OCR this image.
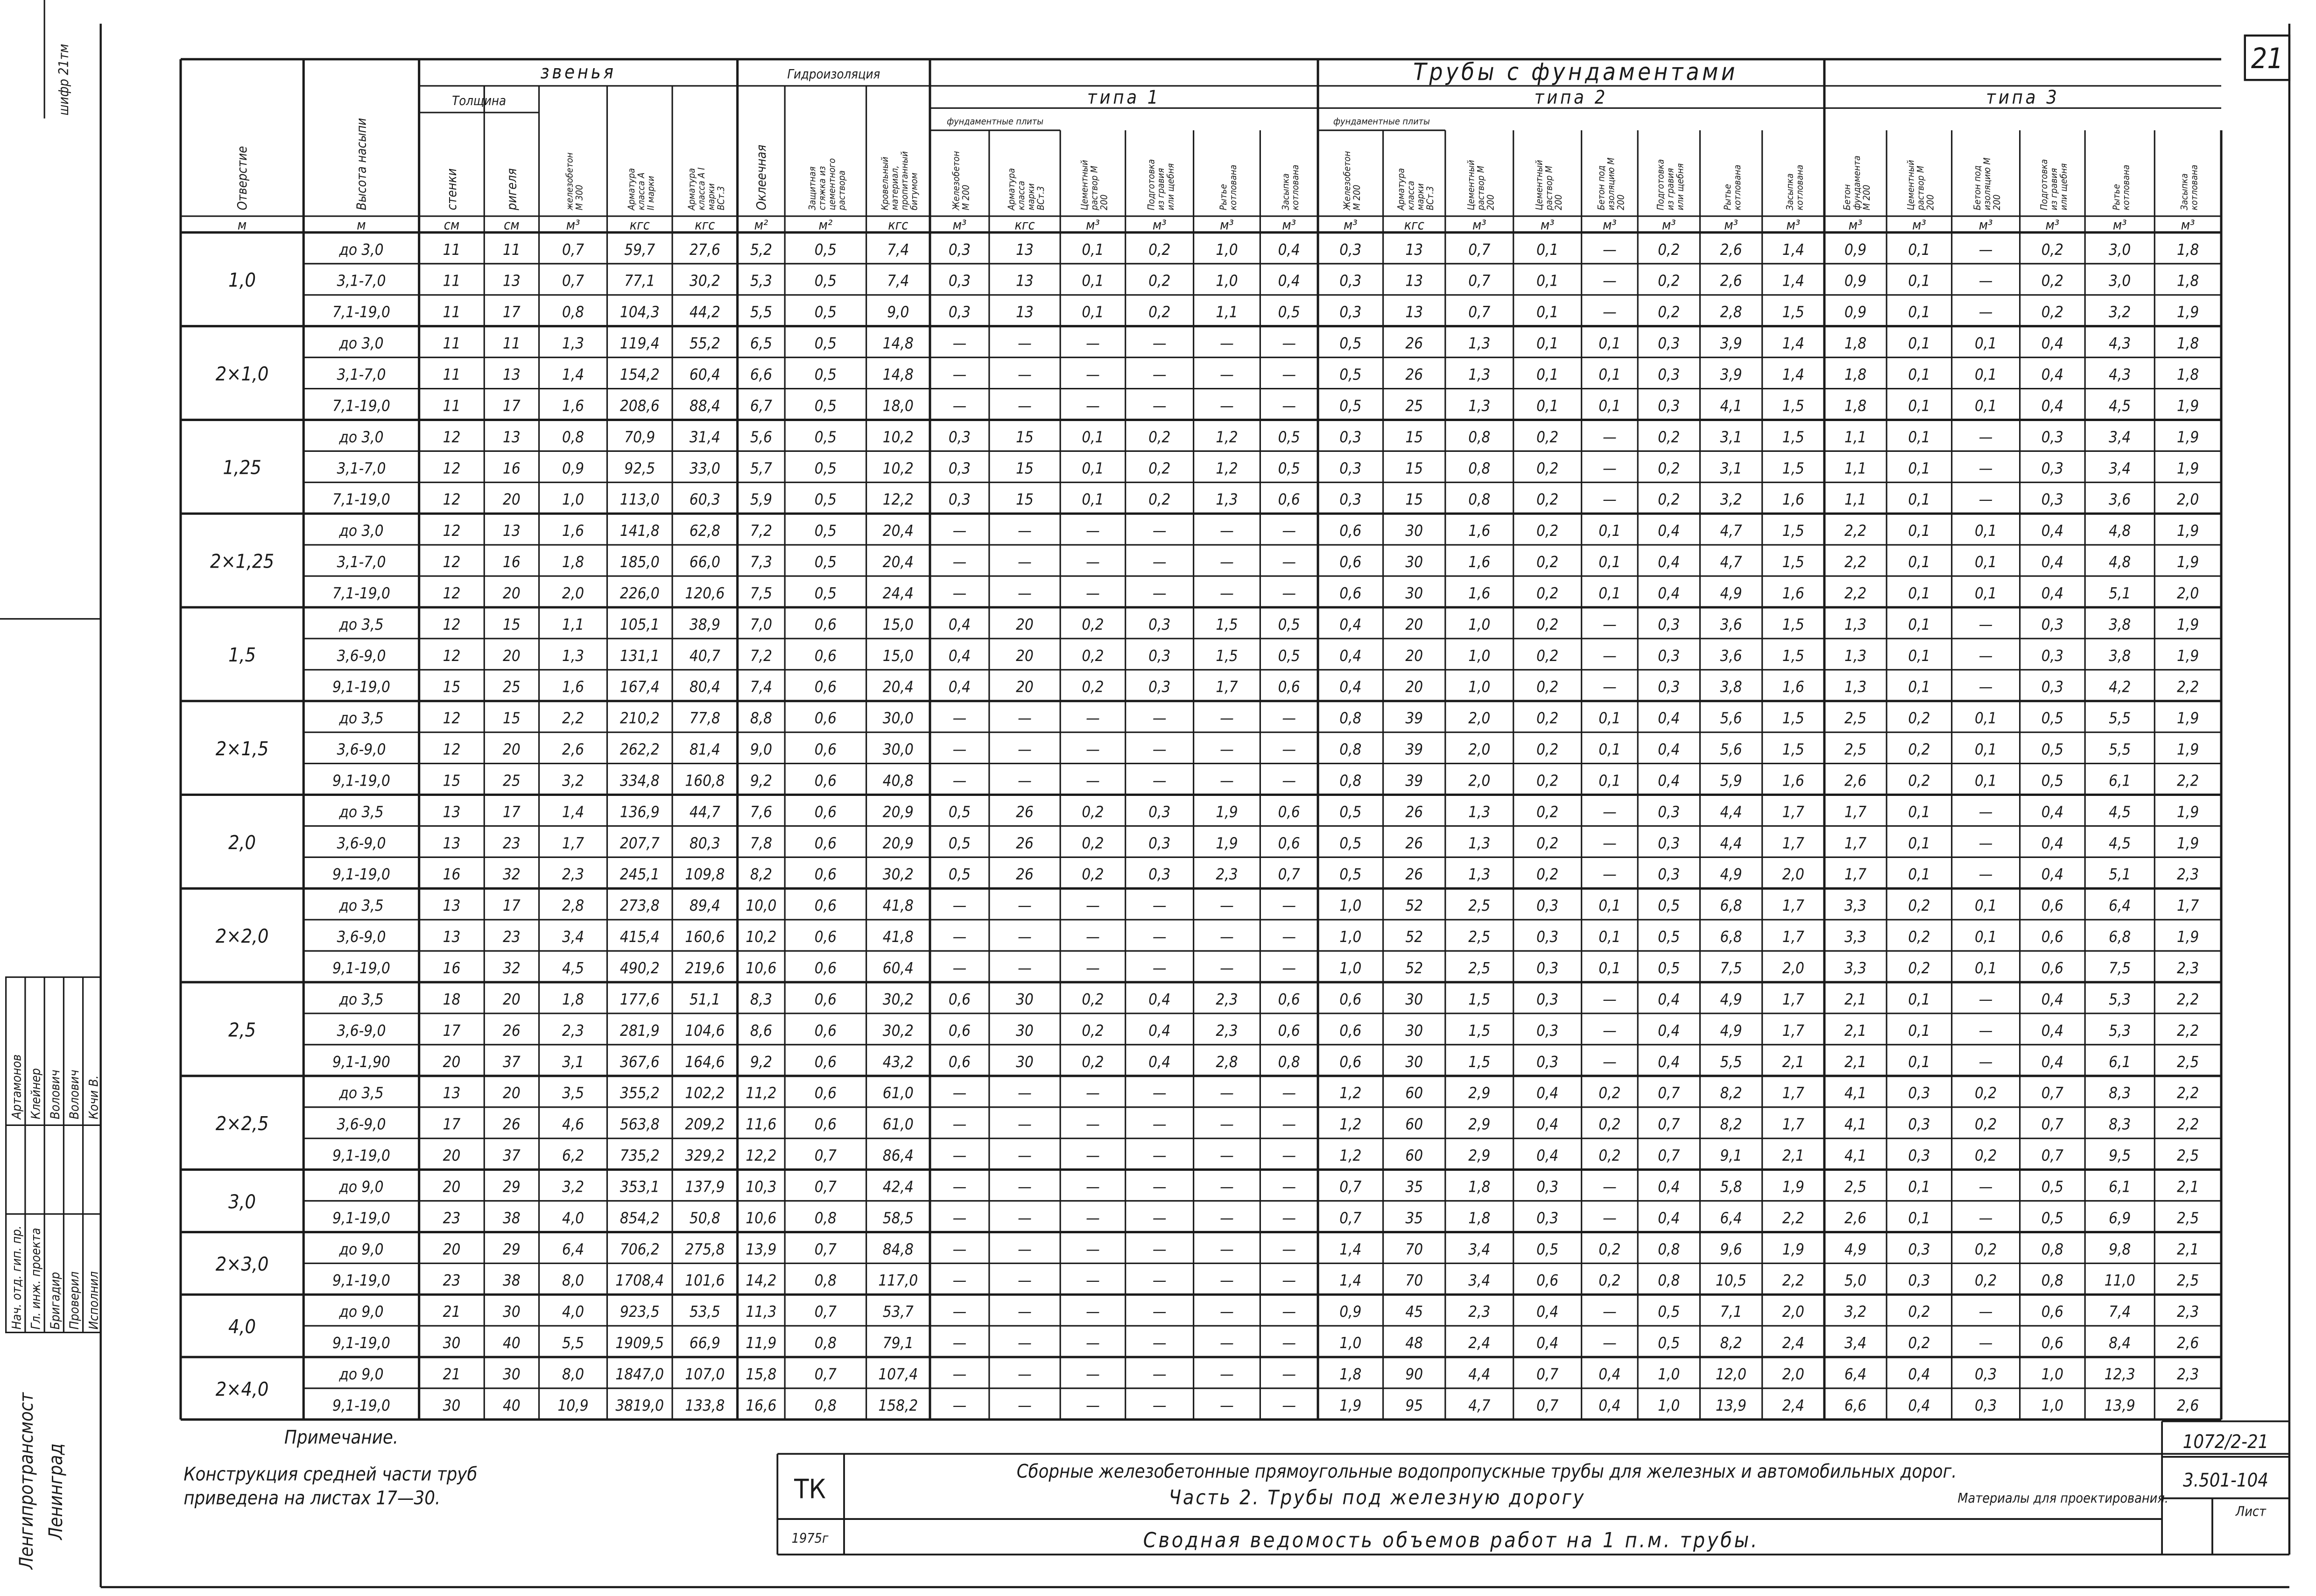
21
шифр 21тм	звенья
Толщина
Гидроизоляция	Трубы с фундаментами
типа 1	типа 2	типа 3
фундаментные плиты	фундаментные плиты
Отверстие	Высота насыпи	стенки	ригеля	железобетонМ 300	Арматуракласса АII марки	Арматуракласса А IмаркиВСт.3	Оклеечная	Защитнаястяжка изцементногораствора	Кровельныйматериал,пропитанныйбитумом	ЖелезобетонМ 200	АрматураклассамаркиВСт.3	Цементныйраствор М200	Подготовкаиз гравияили щебня	Рытьекотлована	Засыпкакотлована	ЖелезобетонМ 200	АрматураклассамаркиВСт.3	Цементныйраствор М200	Цементныйраствор М200	Бетон подизоляцию М200	Подготовкаиз гравияили щебня	Рытьекотлована	Засыпкакотлована	БетонфундаментаМ 200	Цементныйраствор М200	Бетон подизоляцию М200	Подготовкаиз гравияили щебня	Рытьекотлована	Засыпкакотлована
м	м	см	см	м³	кгс	кгс	м²	м²	кгс	м³	кгс	м³	м³	м³	м³	м³	кгс	м³	м³	м³	м³	м³	м³	м³	м³	м³	м³	м³	м³
1,0
до 3,0	11	11	0,7	59,7	27,6	5,2	0,5	7,4	0,3	13	0,1	0,2	1,0	0,4	0,3	13	0,7	0,1	—	0,2	2,6	1,4	0,9	0,1	—	0,2	3,0	1,8
3,1-7,0	11	13	0,7	77,1	30,2	5,3	0,5	7,4	0,3	13	0,1	0,2	1,0	0,4	0,3	13	0,7	0,1	—	0,2	2,6	1,4	0,9	0,1	—	0,2	3,0	1,8
7,1-19,0	11	17	0,8	104,3	44,2	5,5	0,5	9,0	0,3	13	0,1	0,2	1,1	0,5	0,3	13	0,7	0,1	—	0,2	2,8	1,5	0,9	0,1	—	0,2	3,2	1,9
2×1,0
до 3,0	11	11	1,3	119,4	55,2	6,5	0,5	14,8	—	—	—	—	—	—	0,5	26	1,3	0,1	0,1	0,3	3,9	1,4	1,8	0,1	0,1	0,4	4,3	1,8
3,1-7,0	11	13	1,4	154,2	60,4	6,6	0,5	14,8	—	—	—	—	—	—	0,5	26	1,3	0,1	0,1	0,3	3,9	1,4	1,8	0,1	0,1	0,4	4,3	1,8
7,1-19,0	11	17	1,6	208,6	88,4	6,7	0,5	18,0	—	—	—	—	—	—	0,5	25	1,3	0,1	0,1	0,3	4,1	1,5	1,8	0,1	0,1	0,4	4,5	1,9
1,25
до 3,0	12	13	0,8	70,9	31,4	5,6	0,5	10,2	0,3	15	0,1	0,2	1,2	0,5	0,3	15	0,8	0,2	—	0,2	3,1	1,5	1,1	0,1	—	0,3	3,4	1,9
3,1-7,0	12	16	0,9	92,5	33,0	5,7	0,5	10,2	0,3	15	0,1	0,2	1,2	0,5	0,3	15	0,8	0,2	—	0,2	3,1	1,5	1,1	0,1	—	0,3	3,4	1,9
7,1-19,0	12	20	1,0	113,0	60,3	5,9	0,5	12,2	0,3	15	0,1	0,2	1,3	0,6	0,3	15	0,8	0,2	—	0,2	3,2	1,6	1,1	0,1	—	0,3	3,6	2,0
2×1,25
до 3,0	12	13	1,6	141,8	62,8	7,2	0,5	20,4	—	—	—	—	—	—	0,6	30	1,6	0,2	0,1	0,4	4,7	1,5	2,2	0,1	0,1	0,4	4,8	1,9
3,1-7,0	12	16	1,8	185,0	66,0	7,3	0,5	20,4	—	—	—	—	—	—	0,6	30	1,6	0,2	0,1	0,4	4,7	1,5	2,2	0,1	0,1	0,4	4,8	1,9
7,1-19,0	12	20	2,0	226,0	120,6	7,5	0,5	24,4	—	—	—	—	—	—	0,6	30	1,6	0,2	0,1	0,4	4,9	1,6	2,2	0,1	0,1	0,4	5,1	2,0
1,5
до 3,5	12	15	1,1	105,1	38,9	7,0	0,6	15,0	0,4	20	0,2	0,3	1,5	0,5	0,4	20	1,0	0,2	—	0,3	3,6	1,5	1,3	0,1	—	0,3	3,8	1,9
3,6-9,0	12	20	1,3	131,1	40,7	7,2	0,6	15,0	0,4	20	0,2	0,3	1,5	0,5	0,4	20	1,0	0,2	—	0,3	3,6	1,5	1,3	0,1	—	0,3	3,8	1,9
9,1-19,0	15	25	1,6	167,4	80,4	7,4	0,6	20,4	0,4	20	0,2	0,3	1,7	0,6	0,4	20	1,0	0,2	—	0,3	3,8	1,6	1,3	0,1	—	0,3	4,2	2,2
2×1,5
до 3,5	12	15	2,2	210,2	77,8	8,8	0,6	30,0	—	—	—	—	—	—	0,8	39	2,0	0,2	0,1	0,4	5,6	1,5	2,5	0,2	0,1	0,5	5,5	1,9
3,6-9,0	12	20	2,6	262,2	81,4	9,0	0,6	30,0	—	—	—	—	—	—	0,8	39	2,0	0,2	0,1	0,4	5,6	1,5	2,5	0,2	0,1	0,5	5,5	1,9
9,1-19,0	15	25	3,2	334,8	160,8	9,2	0,6	40,8	—	—	—	—	—	—	0,8	39	2,0	0,2	0,1	0,4	5,9	1,6	2,6	0,2	0,1	0,5	6,1	2,2
2,0
до 3,5	13	17	1,4	136,9	44,7	7,6	0,6	20,9	0,5	26	0,2	0,3	1,9	0,6	0,5	26	1,3	0,2	—	0,3	4,4	1,7	1,7	0,1	—	0,4	4,5	1,9
3,6-9,0	13	23	1,7	207,7	80,3	7,8	0,6	20,9	0,5	26	0,2	0,3	1,9	0,6	0,5	26	1,3	0,2	—	0,3	4,4	1,7	1,7	0,1	—	0,4	4,5	1,9
9,1-19,0	16	32	2,3	245,1	109,8	8,2	0,6	30,2	0,5	26	0,2	0,3	2,3	0,7	0,5	26	1,3	0,2	—	0,3	4,9	2,0	1,7	0,1	—	0,4	5,1	2,3
2×2,0
до 3,5	13	17	2,8	273,8	89,4	10,0	0,6	41,8	—	—	—	—	—	—	1,0	52	2,5	0,3	0,1	0,5	6,8	1,7	3,3	0,2	0,1	0,6	6,4	1,7
3,6-9,0	13	23	3,4	415,4	160,6	10,2	0,6	41,8	—	—	—	—	—	—	1,0	52	2,5	0,3	0,1	0,5	6,8	1,7	3,3	0,2	0,1	0,6	6,8	1,9
9,1-19,0	16	32	4,5	490,2	219,6	10,6	0,6	60,4	—	—	—	—	—	—	1,0	52	2,5	0,3	0,1	0,5	7,5	2,0	3,3	0,2	0,1	0,6	7,5	2,3
2,5
до 3,5	18	20	1,8	177,6	51,1	8,3	0,6	30,2	0,6	30	0,2	0,4	2,3	0,6	0,6	30	1,5	0,3	—	0,4	4,9	1,7	2,1	0,1	—	0,4	5,3	2,2
3,6-9,0	17	26	2,3	281,9	104,6	8,6	0,6	30,2	0,6	30	0,2	0,4	2,3	0,6	0,6	30	1,5	0,3	—	0,4	4,9	1,7	2,1	0,1	—	0,4	5,3	2,2
9,1-1,90	20	37	3,1	367,6	164,6	9,2	0,6	43,2	0,6	30	0,2	0,4	2,8	0,8	0,6	30	1,5	0,3	—	0,4	5,5	2,1	2,1	0,1	—	0,4	6,1	2,5
2×2,5
до 3,5	13	20	3,5	355,2	102,2	11,2	0,6	61,0	—	—	—	—	—	—	1,2	60	2,9	0,4	0,2	0,7	8,2	1,7	4,1	0,3	0,2	0,7	8,3	2,2
3,6-9,0	17	26	4,6	563,8	209,2	11,6	0,6	61,0	—	—	—	—	—	—	1,2	60	2,9	0,4	0,2	0,7	8,2	1,7	4,1	0,3	0,2	0,7	8,3	2,2
9,1-19,0	20	37	6,2	735,2	329,2	12,2	0,7	86,4	—	—	—	—	—	—	1,2	60	2,9	0,4	0,2	0,7	9,1	2,1	4,1	0,3	0,2	0,7	9,5	2,5
3,0
до 9,0	20	29	3,2	353,1	137,9	10,3	0,7	42,4	—	—	—	—	—	—	0,7	35	1,8	0,3	—	0,4	5,8	1,9	2,5	0,1	—	0,5	6,1	2,1
9,1-19,0	23	38	4,0	854,2	50,8	10,6	0,8	58,5	—	—	—	—	—	—	0,7	35	1,8	0,3	—	0,4	6,4	2,2	2,6	0,1	—	0,5	6,9	2,5
2×3,0
до 9,0	20	29	6,4	706,2	275,8	13,9	0,7	84,8	—	—	—	—	—	—	1,4	70	3,4	0,5	0,2	0,8	9,6	1,9	4,9	0,3	0,2	0,8	9,8	2,1
9,1-19,0	23	38	8,0	1708,4	101,6	14,2	0,8	117,0	—	—	—	—	—	—	1,4	70	3,4	0,6	0,2	0,8	10,5	2,2	5,0	0,3	0,2	0,8	11,0	2,5
4,0
до 9,0	21	30	4,0	923,5	53,5	11,3	0,7	53,7	—	—	—	—	—	—	0,9	45	2,3	0,4	—	0,5	7,1	2,0	3,2	0,2	—	0,6	7,4	2,3
9,1-19,0	30	40	5,5	1909,5	66,9	11,9	0,8	79,1	—	—	—	—	—	—	1,0	48	2,4	0,4	—	0,5	8,2	2,4	3,4	0,2	—	0,6	8,4	2,6
2×4,0
до 9,0	21	30	8,0	1847,0	107,0	15,8	0,7	107,4	—	—	—	—	—	—	1,8	90	4,4	0,7	0,4	1,0	12,0	2,0	6,4	0,4	0,3	1,0	12,3	2,3
9,1-19,0	30	40	10,9	3819,0	133,8	16,6	0,8	158,2	—	—	—	—	—	—	1,9	95	4,7	0,7	0,4	1,0	13,9	2,4	6,6	0,4	0,3	1,0	13,9	2,6
Примечание.
Конструкция средней части труб
приведена на листах 17—30.	ТК
1975г
Сборные железобетонные прямоугольные водопропускные трубы для железных и автомобильных дорог.
Часть 2. Трубы под железную дорогу	Материалы для проектирования.
Сводная ведомость объемов работ на 1 п.м. трубы.
1072/2-21
3.501-104
Лист
Нач. отд. гип. пр.
Артамонов
Гл. инж. проекта
Клейнер
Бригадир
Волович
Проверил
Волович
Исполнил
Кочи В.
Ленгипротрансмост Ленинград
